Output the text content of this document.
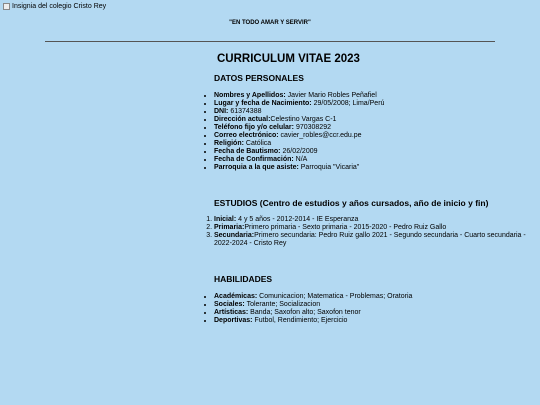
Insignia del colegio Cristo Rey
"EN TODO AMAR Y SERVIR"
CURRICULUM VITAE 2023
DATOS PERSONALES
• Nombres y Apellidos: Javier Mario Robles Peñafiel
• Lugar y fecha de Nacimiento: 29/05/2008; Lima/Perú
• DNI: 61374388
• Dirección actual:Celestino Vargas C-1
• Teléfono fijo y/o celular: 970308292
• Correo electrónico: cavier_robles@ccr.edu.pe
• Religión: Católica
• Fecha de Bautismo: 26/02/2009
• Fecha de Confirmación: N/A
• Parroquia a la que asiste: Parroquia "Vicaria"
ESTUDIOS (Centro de estudios y años cursados, año de inicio y fin)
1. Inicial: 4 y 5 años - 2012-2014 - IE Esperanza
2. Primaria:Primero primaria - Sexto primaria - 2015-2020 - Pedro Ruiz Gallo
3. Secundaria:Primero secundaria: Pedro Ruiz gallo 2021 - Segundo secundaria - Cuarto secundaria - 2022-2024 - Cristo Rey
HABILIDADES
• Académicas: Comunicacion; Matematica - Problemas; Oratoria
• Sociales: Tolerante; Socializacion
• Artísticas: Banda; Saxofon alto; Saxofon tenor
• Deportivas: Futbol, Rendimiento; Ejercicio
